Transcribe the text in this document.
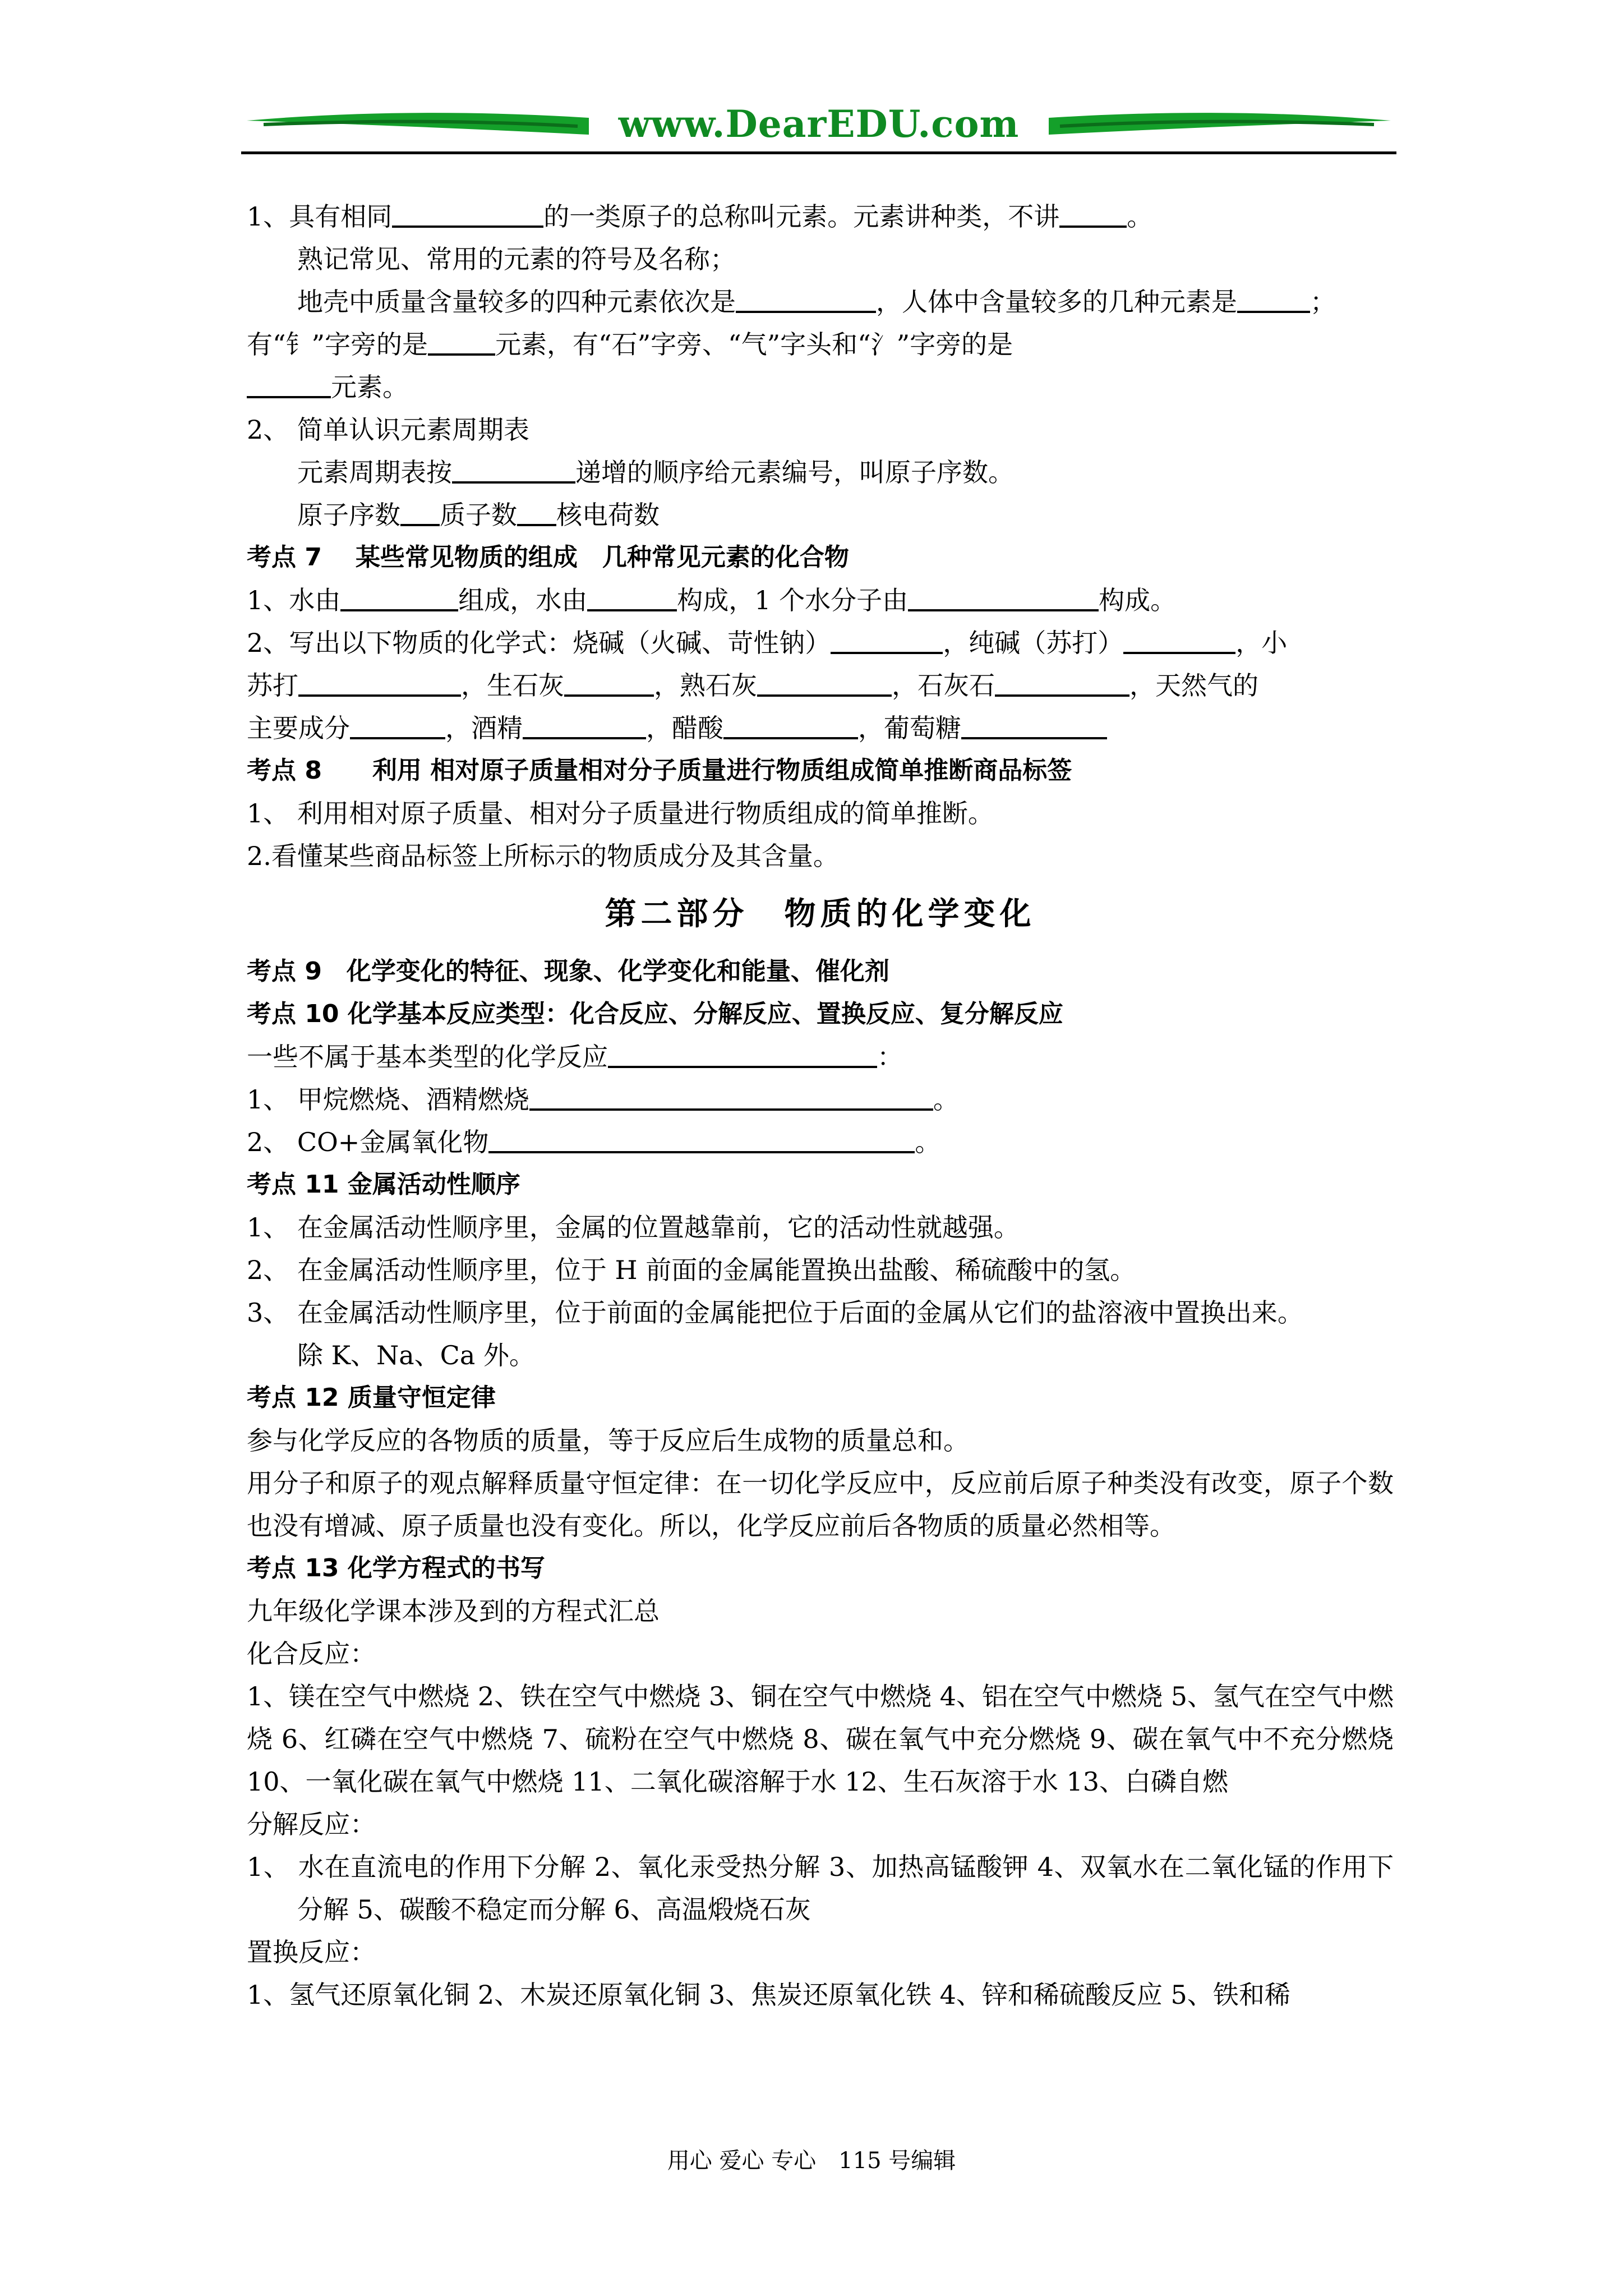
www.DearEDU.com

1、具有相同	的一类原子的总称叫元素。元素讲种类，不讲	。

熟记常见、常用的元素的符号及名称；

地壳中质量含量较多的四种元素依次是	，人体中含量较多的几种元素是	；

有“钅”字旁的是	元素，有“石”字旁、“气”字头和“氵”字旁的是

元素。

2、 简单认识元素周期表

元素周期表按	递增的顺序给元素编号，叫原子序数。

原子序数 质子数 核电荷数

考点 7 某些常见物质的组成　几种常见元素的化合物

1、水由	组成，水由	构成，1 个水分子由	构成。

2、写出以下物质的化学式：烧碱（火碱、苛性钠）	，纯碱（苏打）	，小

苏打	，生石灰	，熟石灰	，石灰石	，天然气的

主要成分	，酒精	，醋酸	，葡萄糖

考点 8 利用 相对原子质量相对分子质量进行物质组成简单推断商品标签

1、 利用相对原子质量、相对分子质量进行物质组成的简单推断。

2.看懂某些商品标签上所标示的物质成分及其含量。

第二部分　物质的化学变化

考点 9　化学变化的特征、现象、化学变化和能量、催化剂

考点 10 化学基本反应类型：化合反应、分解反应、置换反应、复分解反应

一些不属于基本类型的化学反应	：

1、 甲烷燃烧、酒精燃烧	。

2、 CO+金属氧化物	。

考点 11 金属活动性顺序

1、 在金属活动性顺序里，金属的位置越靠前，它的活动性就越强。

2、 在金属活动性顺序里，位于 H 前面的金属能置换出盐酸、稀硫酸中的氢。

3、 在金属活动性顺序里，位于前面的金属能把位于后面的金属从它们的盐溶液中置换出来。

除 K、Na、Ca 外。

考点 12 质量守恒定律

参与化学反应的各物质的质量，等于反应后生成物的质量总和。

用分子和原子的观点解释质量守恒定律：在一切化学反应中，反应前后原子种类没有改变，原子个数也没有增减、原子质量也没有变化。所以，化学反应前后各物质的质量必然相等。

考点 13 化学方程式的书写

九年级化学课本涉及到的方程式汇总

化合反应：

1、镁在空气中燃烧 2、铁在空气中燃烧 3、铜在空气中燃烧 4、铝在空气中燃烧 5、氢气在空气中燃烧 6、红磷在空气中燃烧 7、硫粉在空气中燃烧 8、碳在氧气中充分燃烧 9、碳在氧气中不充分燃烧 10、一氧化碳在氧气中燃烧 11、二氧化碳溶解于水 12、生石灰溶于水 13、白磷自燃

分解反应：

1、 水在直流电的作用下分解 2、氧化汞受热分解 3、加热高锰酸钾 4、双氧水在二氧化锰的作用下分解 5、碳酸不稳定而分解 6、高温煅烧石灰

置换反应：

1、氢气还原氧化铜 2、木炭还原氧化铜 3、焦炭还原氧化铁 4、锌和稀硫酸反应 5、铁和稀

用心 爱心 专心　115 号编辑
